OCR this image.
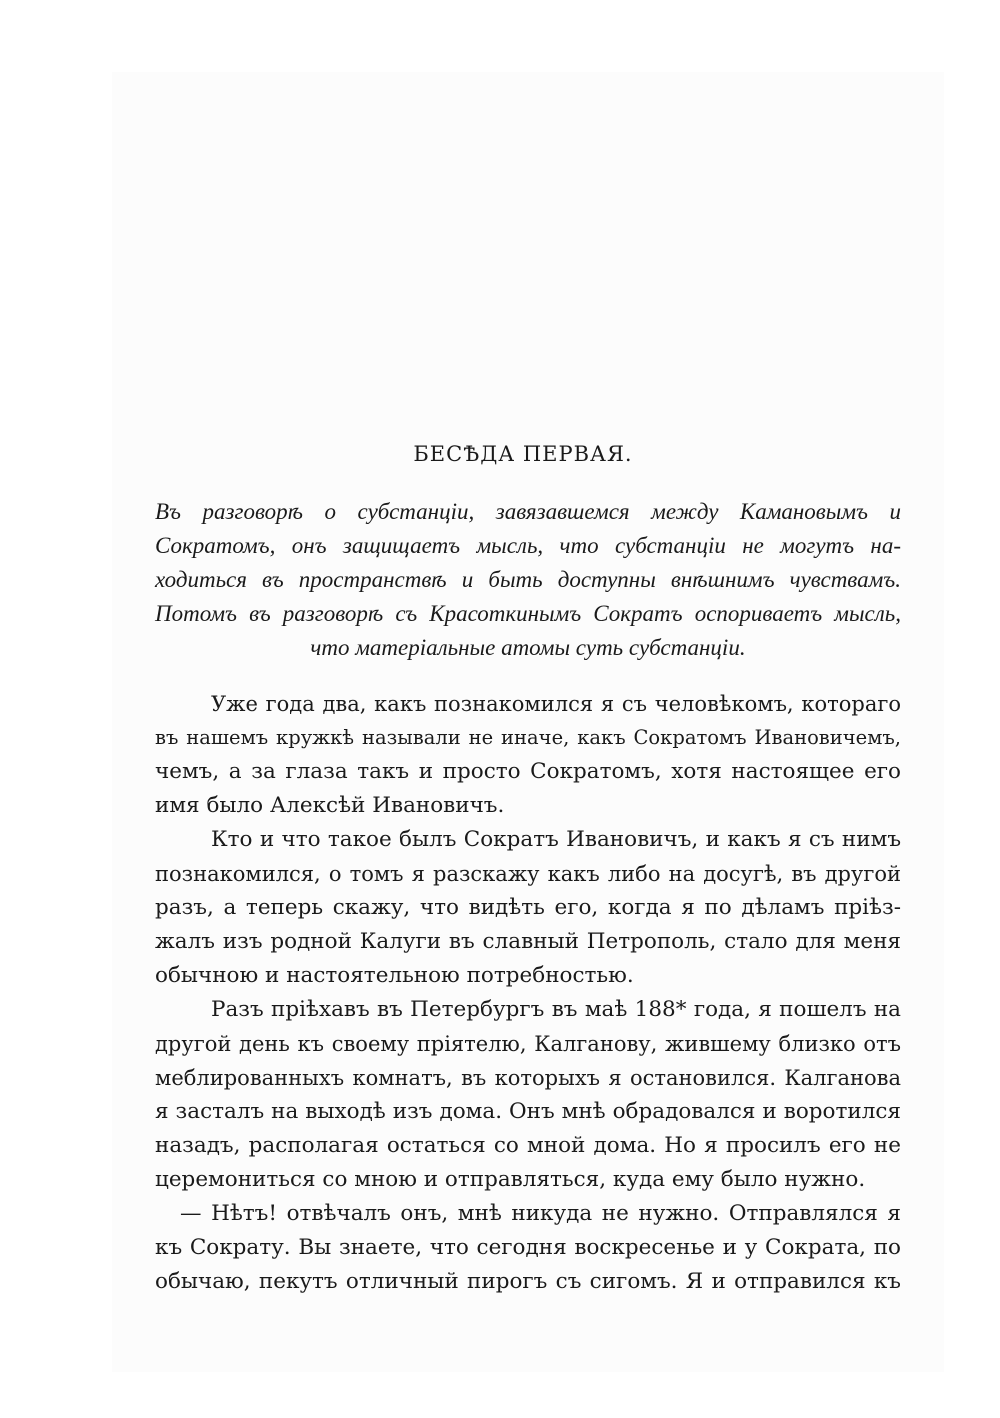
БЕСѢДА ПЕРВАЯ.
Въ разговорѣ о субстанціи, завязавшемся между Камановымъ и
Сократомъ, онъ защищаетъ мысль, что субстанціи не могутъ на-
ходиться въ пространствѣ и быть доступны внѣшнимъ чувствамъ.
Потомъ въ разговорѣ съ Красоткинымъ Сократъ оспориваетъ мысль,
что матеріальные атомы суть субстанціи.
Уже года два, какъ познакомился я съ человѣкомъ, котораго
въ нашемъ кружкѣ называли не иначе, какъ Сократомъ Ивановичемъ,
чемъ, а за глаза такъ и просто Сократомъ, хотя настоящее его
имя было Алексѣй Ивановичъ.
Кто и что такое былъ Сократъ Ивановичъ, и какъ я съ нимъ
познакомился, о томъ я разскажу какъ либо на досугѣ, въ другой
разъ, а теперь скажу, что видѣть его, когда я по дѣламъ пріѣз-
жалъ изъ родной Калуги въ славный Петрополь, стало для меня
обычною и настоятельною потребностью.
Разъ пріѣхавъ въ Петербургъ въ маѣ 188* года, я пошелъ на
другой день къ своему пріятелю, Калганову, жившему близко отъ
меблированныхъ комнатъ, въ которыхъ я остановился. Калганова
я засталъ на выходѣ изъ дома. Онъ мнѣ обрадовался и воротился
назадъ, располагая остаться со мной дома. Но я просилъ его не
церемониться со мною и отправляться, куда ему было нужно.
— Нѣтъ! отвѣчалъ онъ, мнѣ никуда не нужно. Отправлялся я
къ Сократу. Вы знаете, что сегодня воскресенье и у Сократа, по
обычаю, пекутъ отличный пирогъ съ сигомъ. Я и отправился къ
